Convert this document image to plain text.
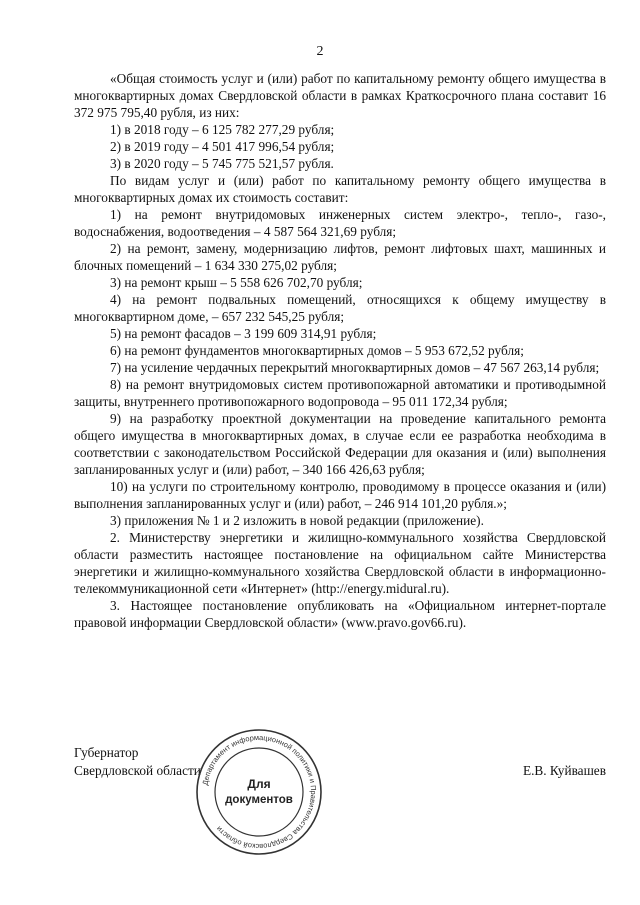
2

«Общая стоимость услуг и (или) работ по капитальному ремонту общего имущества в многоквартирных домах Свердловской области в рамках Краткосрочного плана составит 16 372 975 795,40 рубля, из них:

1) в 2018 году – 6 125 782 277,29 рубля;

2) в 2019 году – 4 501 417 996,54 рубля;

3) в 2020 году – 5 745 775 521,57 рубля.

По видам услуг и (или) работ по капитальному ремонту общего имущества в многоквартирных домах их стоимость составит:

1) на ремонт внутридомовых инженерных систем электро-, тепло-, газо-, водоснабжения, водоотведения – 4 587 564 321,69 рубля;

2) на ремонт, замену, модернизацию лифтов, ремонт лифтовых шахт, машинных и блочных помещений – 1 634 330 275,02 рубля;

3) на ремонт крыш – 5 558 626 702,70 рубля;

4) на ремонт подвальных помещений, относящихся к общему имуществу в многоквартирном доме, – 657 232 545,25 рубля;

5) на ремонт фасадов – 3 199 609 314,91 рубля;

6) на ремонт фундаментов многоквартирных домов – 5 953 672,52 рубля;

7) на усиление чердачных перекрытий многоквартирных домов – 47 567 263,14 рубля;

8) на ремонт внутридомовых систем противопожарной автоматики и противодымной защиты, внутреннего противопожарного водопровода – 95 011 172,34 рубля;

9) на разработку проектной документации на проведение капитального ремонта общего имущества в многоквартирных домах, в случае если ее разработка необходима в соответствии с законодательством Российской Федерации для оказания и (или) выполнения запланированных услуг и (или) работ, – 340 166 426,63 рубля;

10) на услуги по строительному контролю, проводимому в процессе оказания и (или) выполнения запланированных услуг и (или) работ, – 246 914 101,20 рубля.»;

3) приложения № 1 и 2 изложить в новой редакции (приложение).

2. Министерству энергетики и жилищно-коммунального хозяйства Свердловской области разместить настоящее постановление на официальном сайте Министерства энергетики и жилищно-коммунального хозяйства Свердловской области в информационно-телекоммуникационной сети «Интернет» (http://energy.midural.ru).

3. Настоящее постановление опубликовать на «Официальном интернет-портале правовой информации Свердловской области» (www.pravo.gov66.ru).

Губернатор
Свердловской области	Е.В. Куйвашев
Департамент информационной политики и Правительства Свердловской области
Для
документов
